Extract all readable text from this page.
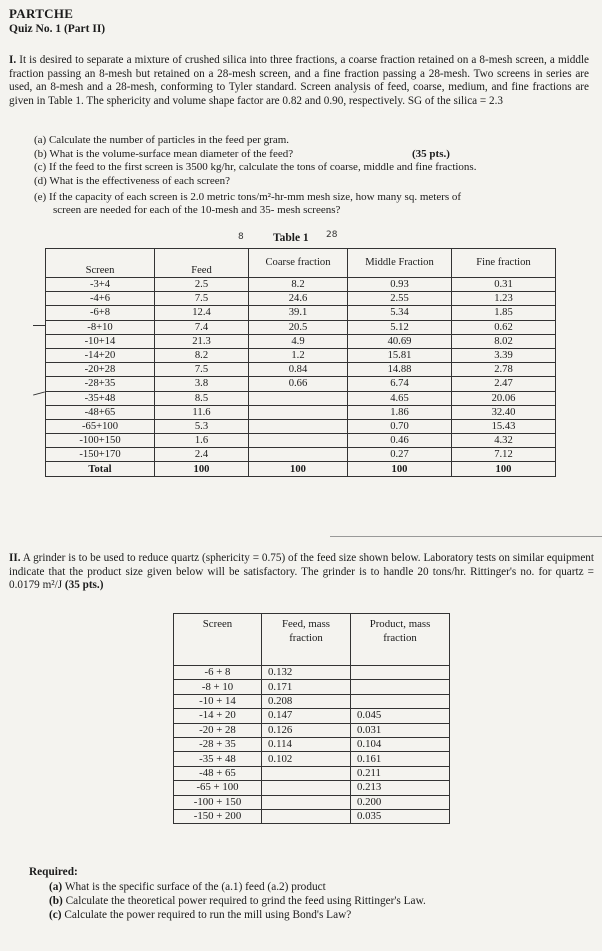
PARTCHE
Quiz No. 1 (Part II)
I. It is desired to separate a mixture of crushed silica into three fractions, a coarse fraction retained on a 8-mesh screen, a middle fraction passing an 8-mesh but retained on a 28-mesh screen, and a fine fraction passing a 28-mesh. Two screens in series are used, an 8-mesh and a 28-mesh, conforming to Tyler standard. Screen analysis of feed, coarse, medium, and fine fractions are given in Table 1. The sphericity and volume shape factor are 0.82 and 0.90, respectively. SG of the silica = 2.3
(a) Calculate the number of particles in the feed per gram.
(b) What is the volume-surface mean diameter of the feed?	(35 pts.)
(c) If the feed to the first screen is 3500 kg/hr, calculate the tons of coarse, middle and fine fractions.
(d) What is the effectiveness of each screen?
(e) If the capacity of each screen is 2.0 metric tons/m²-hr-mm mesh size, how many sq. meters of
screen are needed for each of the 10-mesh and 35- mesh screens?
8	Table 1 28
Screen	Feed	Coarse fraction	Middle Fraction	Fine fraction
-3+4	2.5	8.2	0.93	0.31
-4+6	7.5	24.6	2.55	1.23
-6+8	12.4	39.1	5.34	1.85
-8+10	7.4	20.5	5.12	0.62
-10+14	21.3	4.9	40.69	8.02
-14+20	8.2	1.2	15.81	3.39
-20+28	7.5	0.84	14.88	2.78
-28+35	3.8	0.66	6.74	2.47
-35+48	8.5		4.65	20.06
-48+65	11.6		1.86	32.40
-65+100	5.3		0.70	15.43
-100+150	1.6		0.46	4.32
-150+170	2.4		0.27	7.12
Total	100	100	100	100
II. A grinder is to be used to reduce quartz (sphericity = 0.75) of the feed size shown below. Laboratory tests on similar equipment indicate that the product size given below will be satisfactory. The grinder is to handle 20 tons/hr. Rittinger's no. for quartz = 0.0179 m²/J (35 pts.)
Screen	Feed, mass fraction	Product, mass fraction
-6 + 8	0.132	
-8 + 10	0.171	
-10 + 14	0.208	
-14 + 20	0.147	0.045
-20 + 28	0.126	0.031
-28 + 35	0.114	0.104
-35 + 48	0.102	0.161
-48 + 65		0.211
-65 + 100		0.213
-100 + 150		0.200
-150 + 200		0.035
Required:
(a) What is the specific surface of the (a.1) feed (a.2) product
(b) Calculate the theoretical power required to grind the feed using Rittinger's Law.
(c) Calculate the power required to run the mill using Bond's Law?
